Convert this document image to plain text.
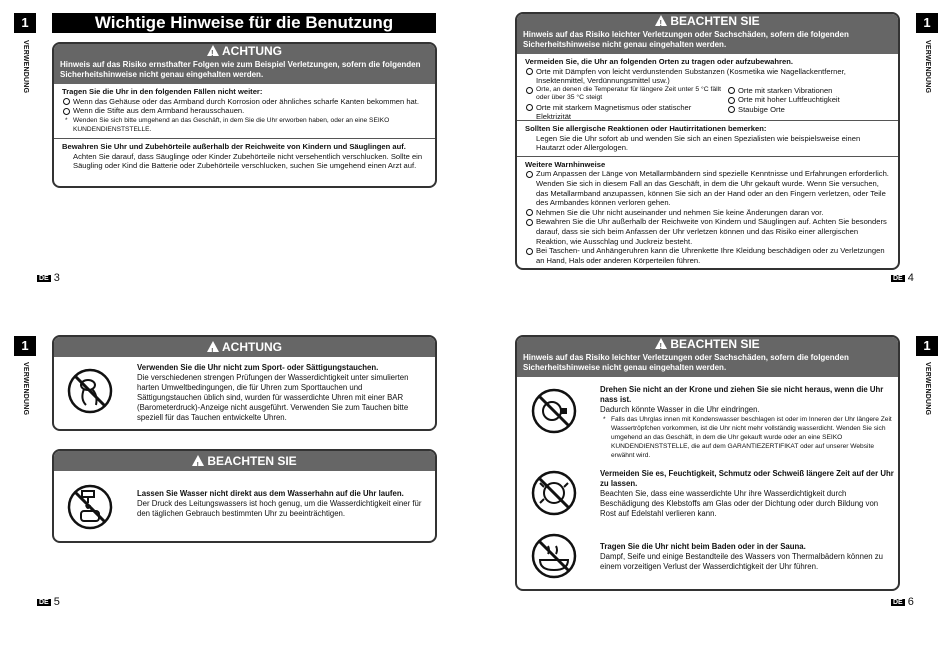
1
VERWENDUNG
Wichtige Hinweise für die Benutzung
!ACHTUNG
Hinweis auf das Risiko ernsthafter Folgen wie zum Beispiel Verletzungen, sofern die folgenden Sicherheitshinweise nicht genau eingehalten werden.
Tragen Sie die Uhr in den folgenden Fällen nicht weiter:
Wenn das Gehäuse oder das Armband durch Korrosion oder ähnliches scharfe Kanten bekommen hat.
Wenn die Stifte aus dem Armband herausschauen.
* Wenden Sie sich bitte umgehend an das Geschäft, in dem Sie die Uhr erworben haben, oder an eine SEIKO KUNDENDIENSTSTELLE.
Bewahren Sie Uhr und Zubehörteile außerhalb der Reichweite von Kindern und Säuglingen auf.
Achten Sie darauf, dass Säuglinge oder Kinder Zubehörteile nicht versehentlich verschlucken. Sollte ein Säugling oder Kind die Batterie oder Zubehörteile verschlucken, suchen Sie umgehend einen Arzt auf.
DE 3
1
VERWENDUNG
!BEACHTEN SIE
Hinweis auf das Risiko leichter Verletzungen oder Sachschäden, sofern die folgenden Sicherheitshinweise nicht genau eingehalten werden.
Vermeiden Sie, die Uhr an folgenden Orten zu tragen oder aufzubewahren.
Orte mit Dämpfen von leicht verdunstenden Substanzen (Kosmetika wie Nagellackentferner, Insektenmittel, Verdünnungsmittel usw.)
Orte, an denen die Temperatur für längere Zeit unter 5 °C fällt oder über 35 °C steigt
Orte mit starkem Magnetismus oder statischer Elektrizität
Orte mit starken Vibrationen
Orte mit hoher Luftfeuchtigkeit
Staubige Orte
Sollten Sie allergische Reaktionen oder Hautirritationen bemerken:
Legen Sie die Uhr sofort ab und wenden Sie sich an einen Spezialisten wie beispielsweise einen Hautarzt oder Allergologen.
Weitere Warnhinweise
Zum Anpassen der Länge von Metallarmbändern sind spezielle Kenntnisse und Erfahrungen erforderlich. Wenden Sie sich in diesem Fall an das Geschäft, in dem die Uhr gekauft wurde. Wenn Sie versuchen, das Metallarmband anzupassen, können Sie sich an der Hand oder an den Fingern verletzen, oder Teile des Armbandes können verloren gehen.
Nehmen Sie die Uhr nicht auseinander und nehmen Sie keine Änderungen daran vor.
Bewahren Sie die Uhr außerhalb der Reichweite von Kindern und Säuglingen auf. Achten Sie besonders darauf, dass sie sich beim Anfassen der Uhr verletzen können und das Risiko einer allergischen Reaktion, wie Ausschlag und Juckreiz besteht.
Bei Taschen- und Anhängeruhren kann die Uhrenkette Ihre Kleidung beschädigen oder zu Verletzungen an Hand, Hals oder anderen Körperteilen führen.
DE 4
1
VERWENDUNG
!ACHTUNG
Verwenden Sie die Uhr nicht zum Sport- oder Sättigungstauchen.
Die verschiedenen strengen Prüfungen der Wasserdichtigkeit unter simulierten harten Umweltbedingungen, die für Uhren zum Sporttauchen und Sättigungstauchen üblich sind, wurden für wasserdichte Uhren mit einer BAR (Barometerdruck)-Anzeige nicht ausgeführt. Verwenden Sie zum Tauchen bitte speziell für das Tauchen entwickelte Uhren.
!BEACHTEN SIE
Lassen Sie Wasser nicht direkt aus dem Wasserhahn auf die Uhr laufen.
Der Druck des Leitungswassers ist hoch genug, um die Wasserdichtigkeit einer für den täglichen Gebrauch bestimmten Uhr zu beeinträchtigen.
DE 5
1
VERWENDUNG
!BEACHTEN SIE
Hinweis auf das Risiko leichter Verletzungen oder Sachschäden, sofern die folgenden Sicherheitshinweise nicht genau eingehalten werden.
Drehen Sie nicht an der Krone und ziehen Sie sie nicht heraus, wenn die Uhr nass ist.
Dadurch könnte Wasser in die Uhr eindringen.
* Falls das Uhrglas innen mit Kondenswasser beschlagen ist oder im Inneren der Uhr längere Zeit Wassertröpfchen vorkommen, ist die Uhr nicht mehr vollständig wasserdicht. Wenden Sie sich umgehend an das Geschäft, in dem die Uhr gekauft wurde oder an eine SEIKO KUNDENDIENSTSTELLE, die auf dem GARANTIEZERTIFIKAT oder auf unserer Website erwähnt wird.
Vermeiden Sie es, Feuchtigkeit, Schmutz oder Schweiß längere Zeit auf der Uhr zu lassen.
Beachten Sie, dass eine wasserdichte Uhr ihre Wasserdichtigkeit durch Beschädigung des Klebstoffs am Glas oder der Dichtung oder durch Bildung von Rost auf Edelstahl verlieren kann.
Tragen Sie die Uhr nicht beim Baden oder in der Sauna.
Dampf, Seife und einige Bestandteile des Wassers von Thermalbädern können zu einem vorzeitigen Verlust der Wasserdichtigkeit der Uhr führen.
DE 6
